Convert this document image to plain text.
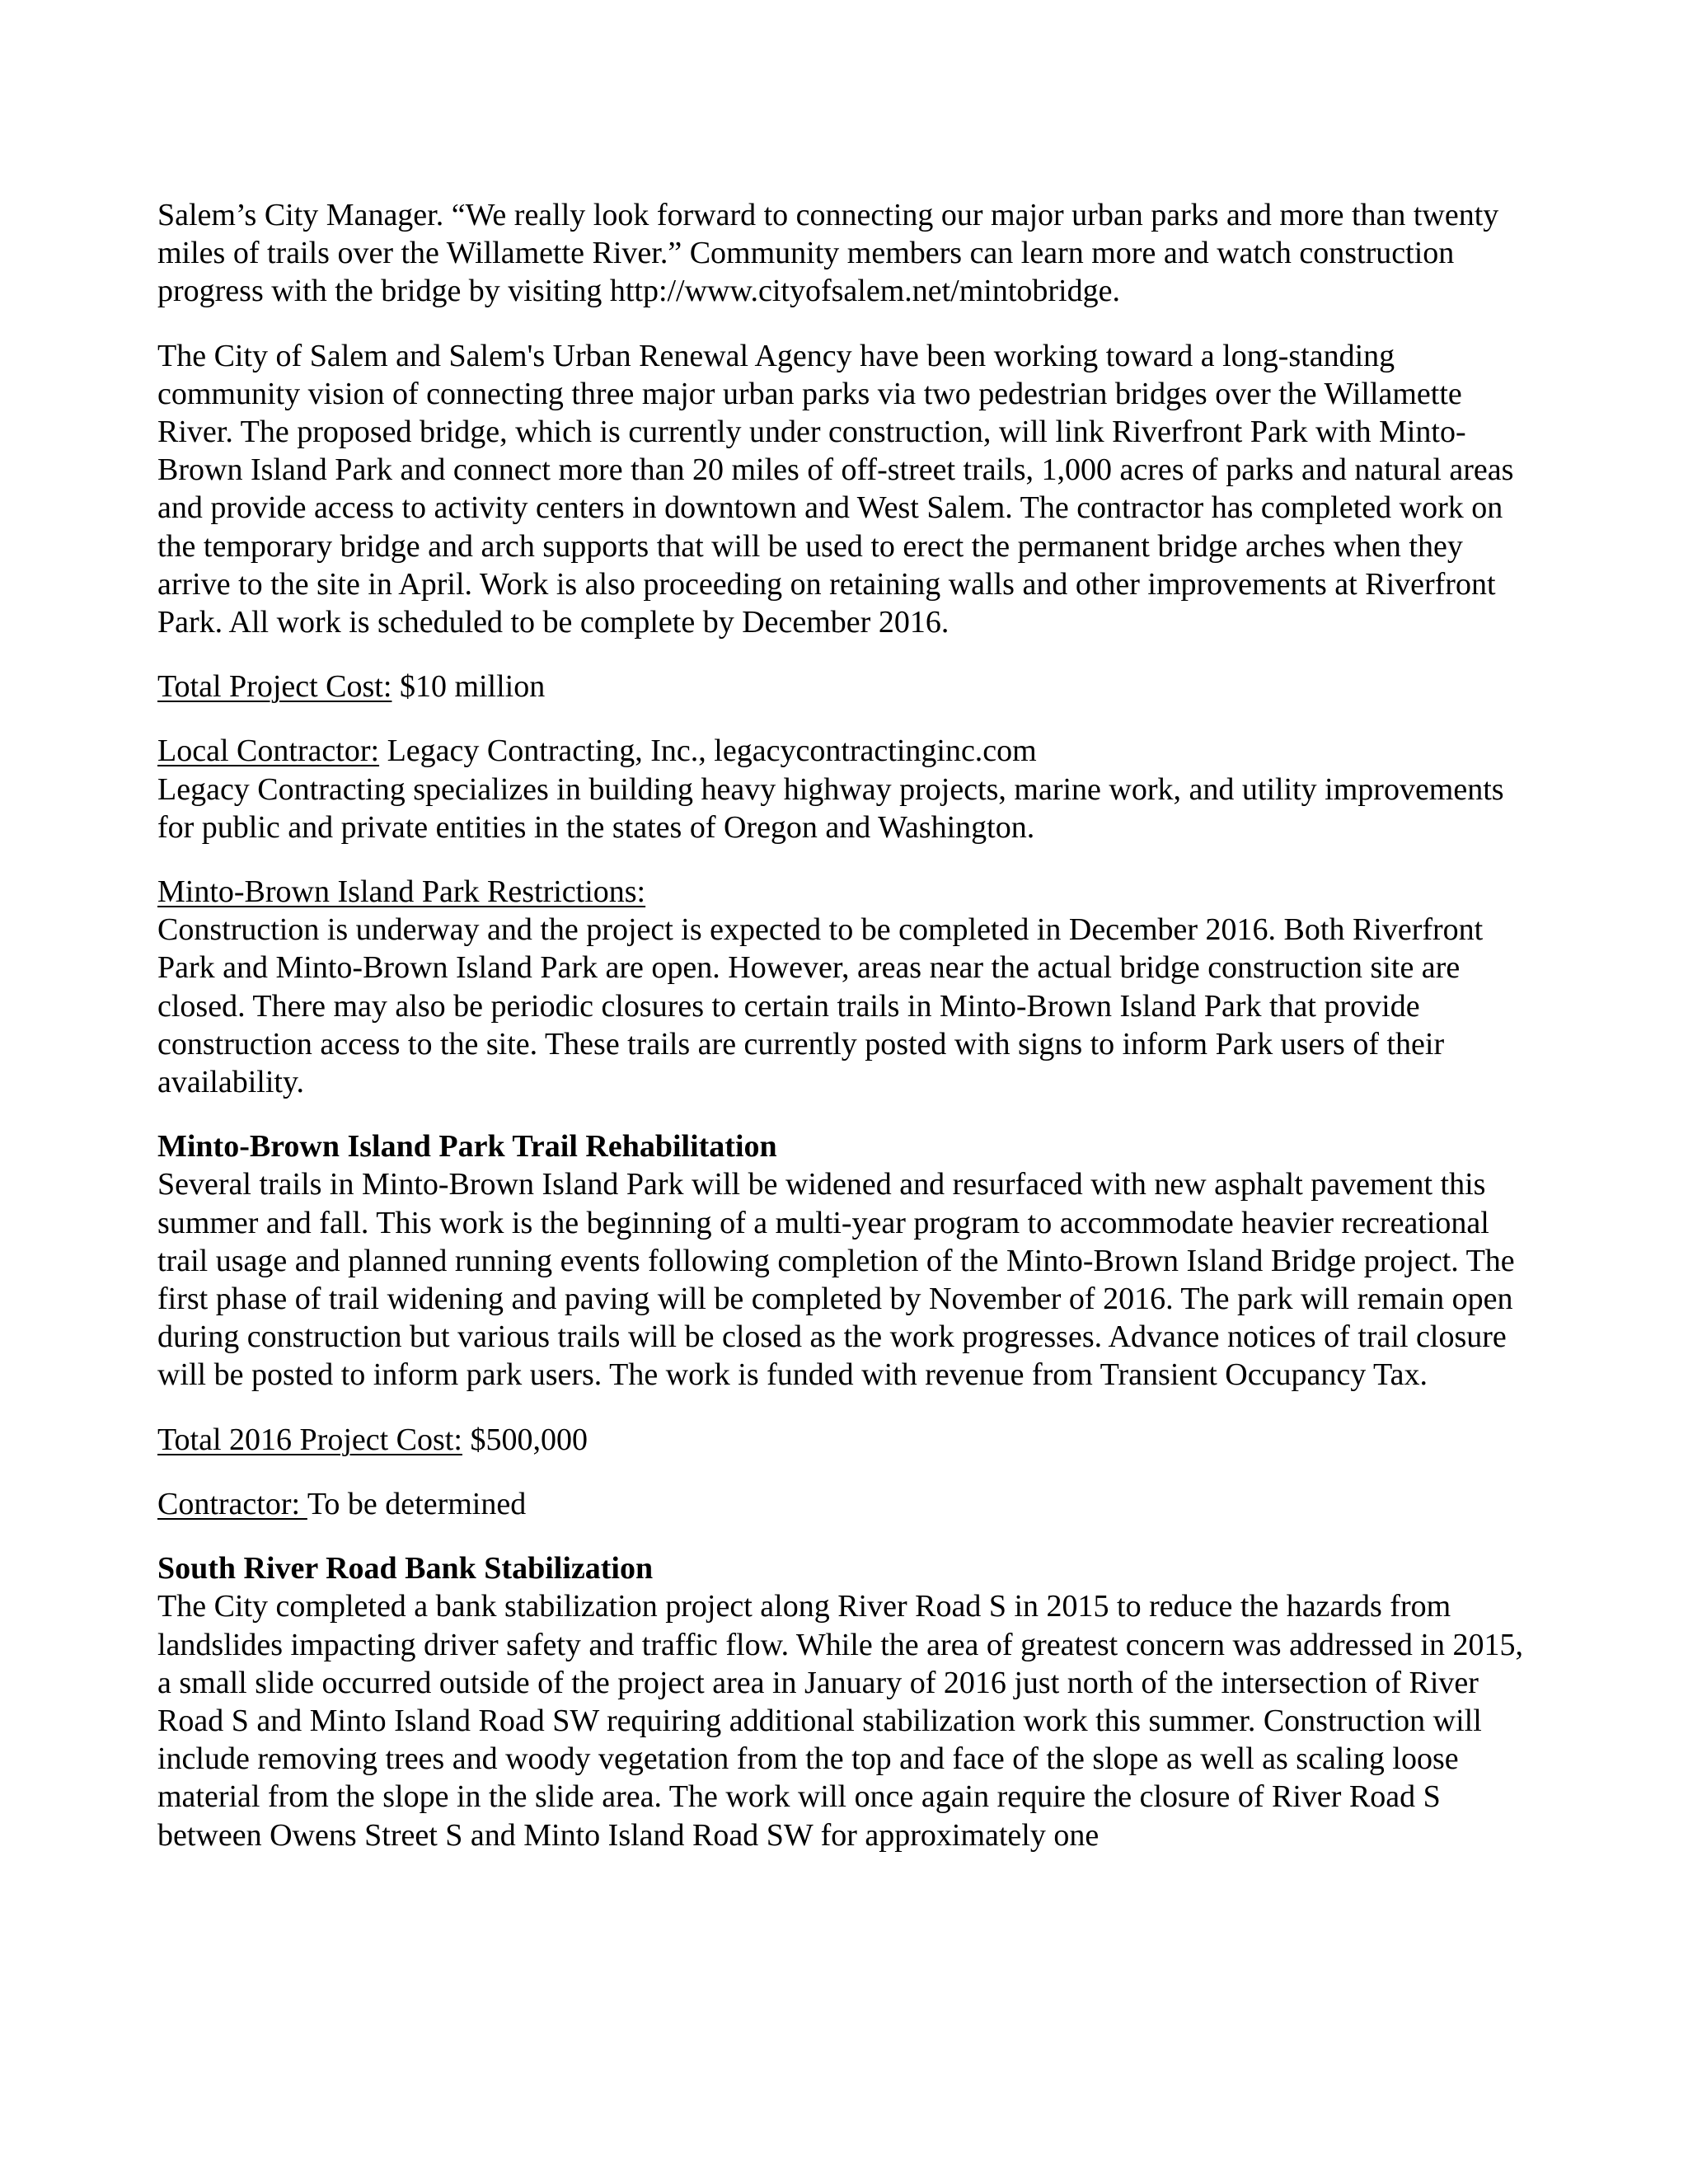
Salem’s City Manager. “We really look forward to connecting our major urban parks and more than twenty miles of trails over the Willamette River.” Community members can learn more and watch construction progress with the bridge by visiting http://www.cityofsalem.net/mintobridge.

The City of Salem and Salem's Urban Renewal Agency have been working toward a long-standing community vision of connecting three major urban parks via two pedestrian bridges over the Willamette River. The proposed bridge, which is currently under construction, will link Riverfront Park with Minto-Brown Island Park and connect more than 20 miles of off-street trails, 1,000 acres of parks and natural areas and provide access to activity centers in downtown and West Salem. The contractor has completed work on the temporary bridge and arch supports that will be used to erect the permanent bridge arches when they arrive to the site in April. Work is also proceeding on retaining walls and other improvements at Riverfront Park. All work is scheduled to be complete by December 2016.

Total Project Cost: $10 million

Local Contractor: Legacy Contracting, Inc., legacycontractinginc.com
Legacy Contracting specializes in building heavy highway projects, marine work, and utility improvements for public and private entities in the states of Oregon and Washington.

Minto-Brown Island Park Restrictions:
Construction is underway and the project is expected to be completed in December 2016. Both Riverfront Park and Minto-Brown Island Park are open. However, areas near the actual bridge construction site are closed. There may also be periodic closures to certain trails in Minto-Brown Island Park that provide construction access to the site. These trails are currently posted with signs to inform Park users of their availability.

Minto-Brown Island Park Trail Rehabilitation
Several trails in Minto-Brown Island Park will be widened and resurfaced with new asphalt pavement this summer and fall. This work is the beginning of a multi-year program to accommodate heavier recreational trail usage and planned running events following completion of the Minto-Brown Island Bridge project. The first phase of trail widening and paving will be completed by November of 2016. The park will remain open during construction but various trails will be closed as the work progresses. Advance notices of trail closure will be posted to inform park users. The work is funded with revenue from Transient Occupancy Tax.

Total 2016 Project Cost: $500,000

Contractor: To be determined

South River Road Bank Stabilization
The City completed a bank stabilization project along River Road S in 2015 to reduce the hazards from landslides impacting driver safety and traffic flow. While the area of greatest concern was addressed in 2015, a small slide occurred outside of the project area in January of 2016 just north of the intersection of River Road S and Minto Island Road SW requiring additional stabilization work this summer. Construction will include removing trees and woody vegetation from the top and face of the slope as well as scaling loose material from the slope in the slide area. The work will once again require the closure of River Road S between Owens Street S and Minto Island Road SW for approximately one
